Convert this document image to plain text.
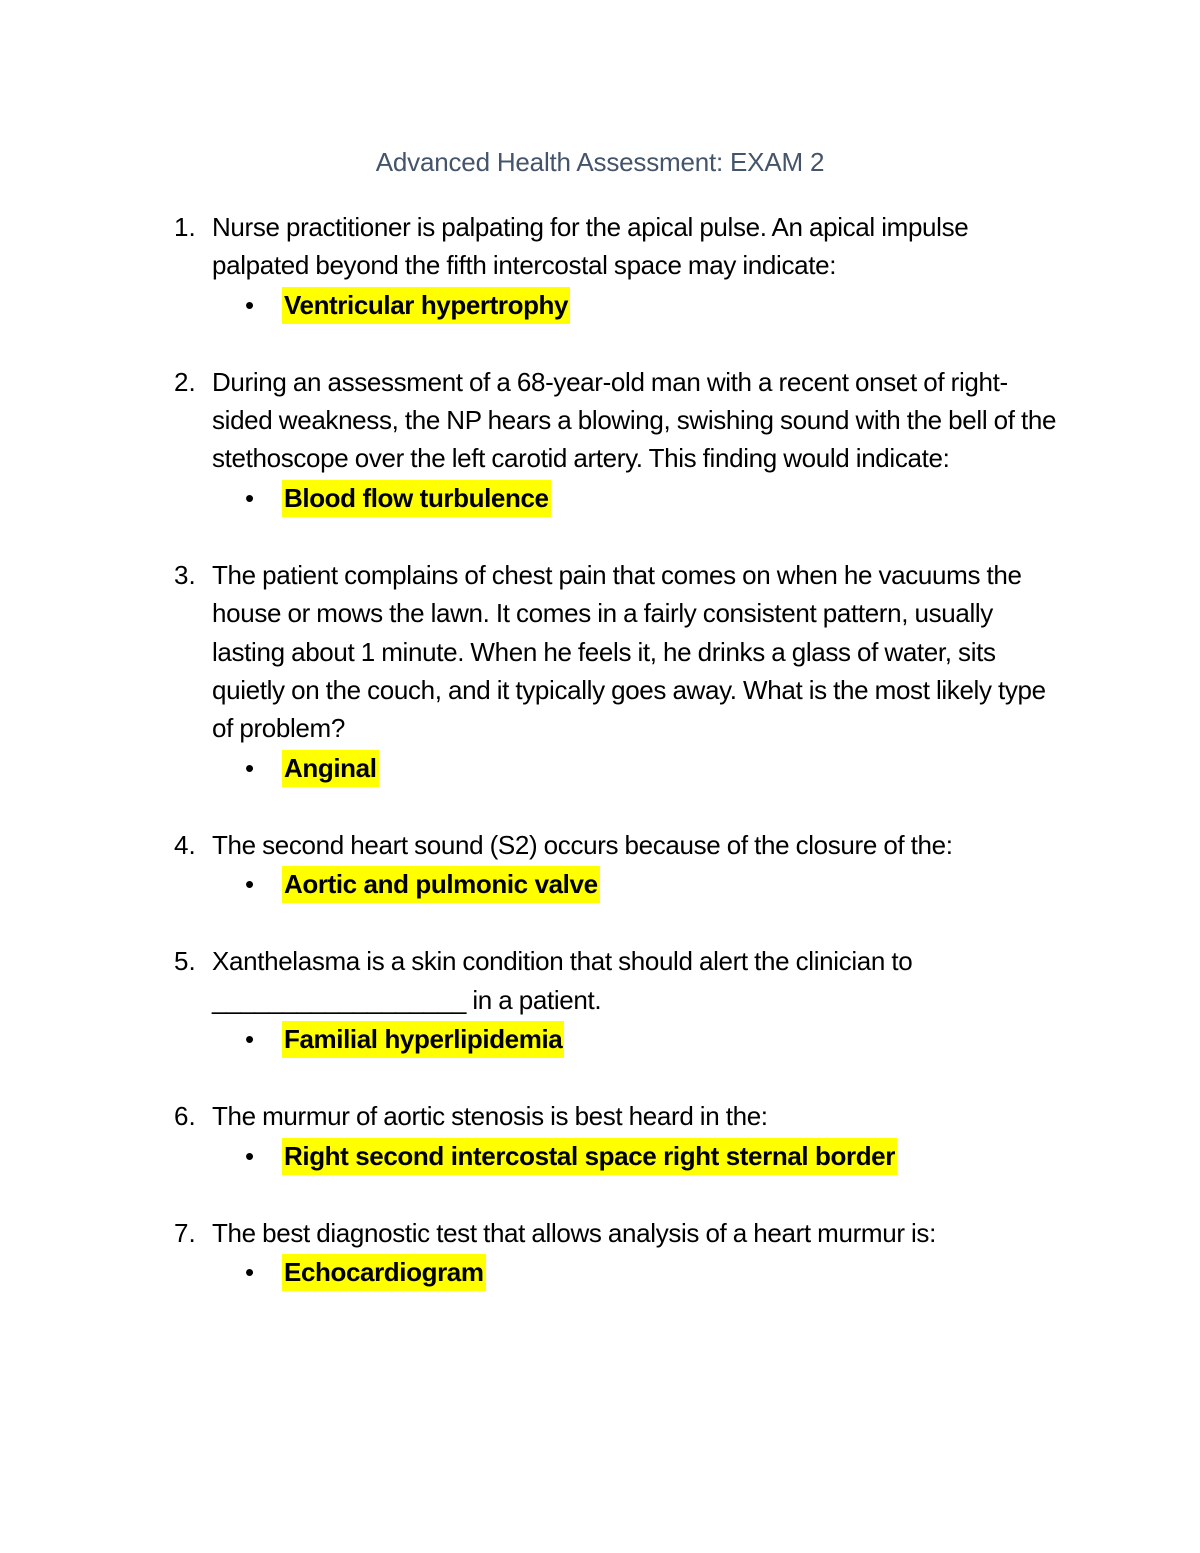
Advanced Health Assessment: EXAM 2
1. Nurse practitioner is palpating for the apical pulse. An apical impulse palpated beyond the fifth intercostal space may indicate:
• Ventricular hypertrophy
2. During an assessment of a 68-year-old man with a recent onset of right-sided weakness, the NP hears a blowing, swishing sound with the bell of the stethoscope over the left carotid artery. This finding would indicate:
• Blood flow turbulence
3. The patient complains of chest pain that comes on when he vacuums the house or mows the lawn. It comes in a fairly consistent pattern, usually lasting about 1 minute. When he feels it, he drinks a glass of water, sits quietly on the couch, and it typically goes away. What is the most likely type of problem?
• Anginal
4. The second heart sound (S2) occurs because of the closure of the:
• Aortic and pulmonic valve
5. Xanthelasma is a skin condition that should alert the clinician to __________________ in a patient.
• Familial hyperlipidemia
6. The murmur of aortic stenosis is best heard in the:
• Right second intercostal space right sternal border
7. The best diagnostic test that allows analysis of a heart murmur is:
• Echocardiogram
